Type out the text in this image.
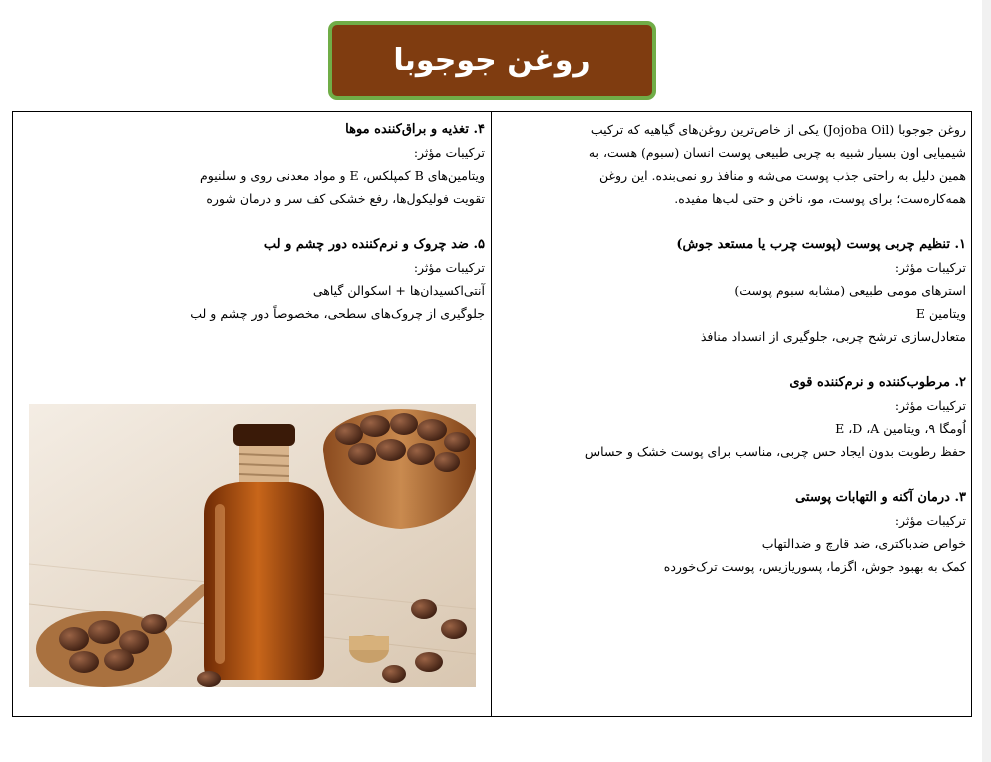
روغن جوجوبا
روغن جوجوبا (Jojoba Oil) یکی از خاص‌ترین روغن‌های گیاهیه که ترکیب
شیمیایی اون بسیار شبیه به چربی طبیعی پوست انسان (سبوم) هست، به
همین دلیل به راحتی جذب پوست می‌شه و منافذ رو نمی‌بنده. این روغن
همه‌کاره‌ست؛ برای پوست، مو، ناخن و حتی لب‌ها مفیده.
۱. تنظیم چربی پوست (پوست چرب یا مستعد جوش)
ترکیبات مؤثر:
استرهای مومی طبیعی (مشابه سبوم پوست)
ویتامین E
متعادل‌سازی ترشح چربی، جلوگیری از انسداد منافذ
۲. مرطوب‌کننده و نرم‌کننده قوی
ترکیبات مؤثر:
اُومگا ۹، ویتامین E ،D ،A
حفظ رطوبت بدون ایجاد حس چربی، مناسب برای پوست خشک و حساس
۳. درمان آکنه و التهابات پوستی
ترکیبات مؤثر:
خواص ضدباکتری، ضد قارچ و ضدالتهاب
کمک به بهبود جوش، اگزما، پسوریازیس، پوست ترک‌خورده
۴. تغذیه و براق‌کننده موها
ترکیبات مؤثر:
ویتامین‌های B کمپلکس، E و مواد معدنی روی و سلنیوم
تقویت فولیکول‌ها، رفع خشکی کف سر و درمان شوره
۵. ضد چروک و نرم‌کننده دور چشم و لب
ترکیبات مؤثر:
آنتی‌اکسیدان‌ها + اسکوالن گیاهی
جلوگیری از چروک‌های سطحی، مخصوصاً دور چشم و لب
